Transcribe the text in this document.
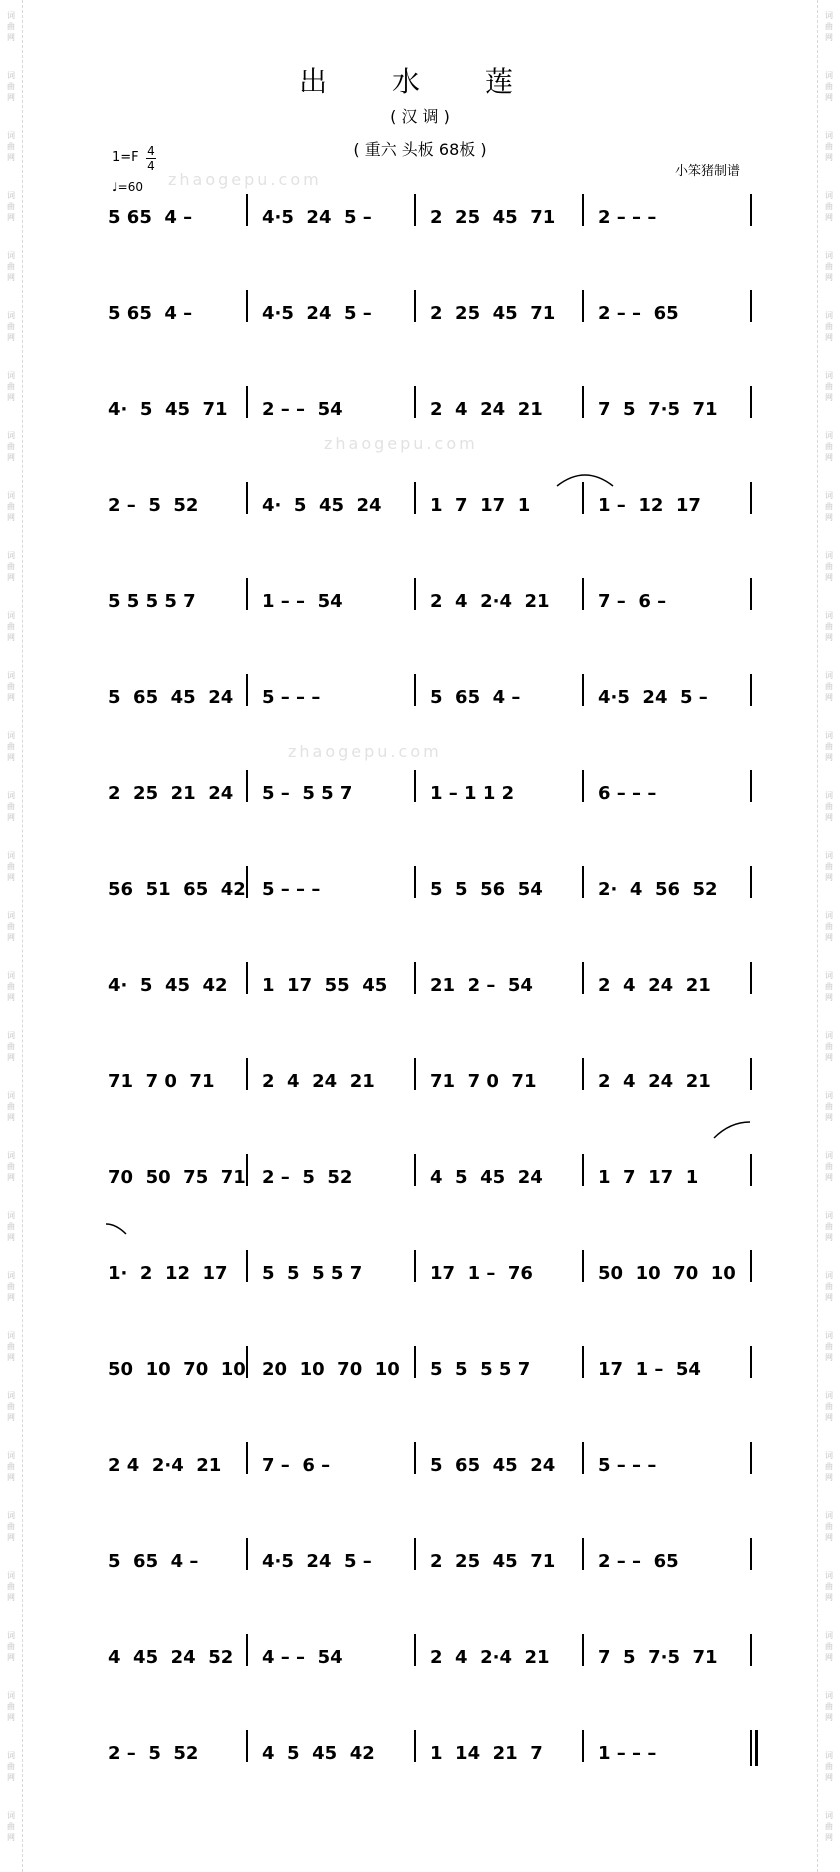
出 水 莲
( 汉 调 )
( 重六 头板 68板 )
1=F 4
4
♩=60
小笨猪制谱
zhaogepu.com
zhaogepu.com
zhaogepu.com
5 65  4 –	4·5  24  5 –	2  25  45  71 2 – – –
5 65  4 –	4·5  24  5 –	2  25  45  71 2 – –  65
4·  5  45  71 2 – –  54	2  4  24  21	7  5  7·5  71
2 –  5  52	4·  5  45  24	1  7  17  1	1 –  12  17
5 5 5 5 7	1 – –  54	2  4  2·4  21	7 –  6 –
5  65  45  24 5 – – –	5  65  4 –	4·5  24  5 –
2  25  21  24 5 –  5 5 7	1 – 1 1 2	6 – – –
56  51  65  42 5 – – –	5  5  56  54	2·  4  56  52
4·  5  45  42 1  17  55  45 21  2 –  54	2  4  24  21
71  7 0  71	2  4  24  21	71  7 0  71	2  4  24  21
70  50  75  71 2 –  5  52	4  5  45  24	1  7  17  1
1·  2  12  17 5  5  5 5 7	17  1 –  76	50  10  70  10
50  10  70  10 20  10  70  10 5  5  5 5 7	17  1 –  54
2 4  2·4  21 7 –  6 –	5  65  45  24 5 – – –
5  65  4 –	4·5  24  5 –	2  25  45  71 2 – –  65
4  45  24  52 4 – –  54	2  4  2·4  21	7  5  7·5  71
2 –  5  52	4  5  45  42	1  14  21  7	1 – – –
词曲网
词曲网
词曲网
词曲网
词曲网
词曲网
词曲网
词曲网
词曲网
词曲网
词曲网
词曲网
词曲网
词曲网
词曲网
词曲网
词曲网
词曲网
词曲网
词曲网
词曲网
词曲网
词曲网
词曲网
词曲网
词曲网
词曲网
词曲网
词曲网
词曲网
词曲网
词曲网
词曲网
词曲网
词曲网
词曲网
词曲网
词曲网
词曲网
词曲网
词曲网
词曲网
词曲网
词曲网
词曲网
词曲网
词曲网
词曲网
词曲网
词曲网
词曲网
词曲网
词曲网
词曲网
词曲网
词曲网
词曲网
词曲网
词曲网
词曲网
词曲网
词曲网
